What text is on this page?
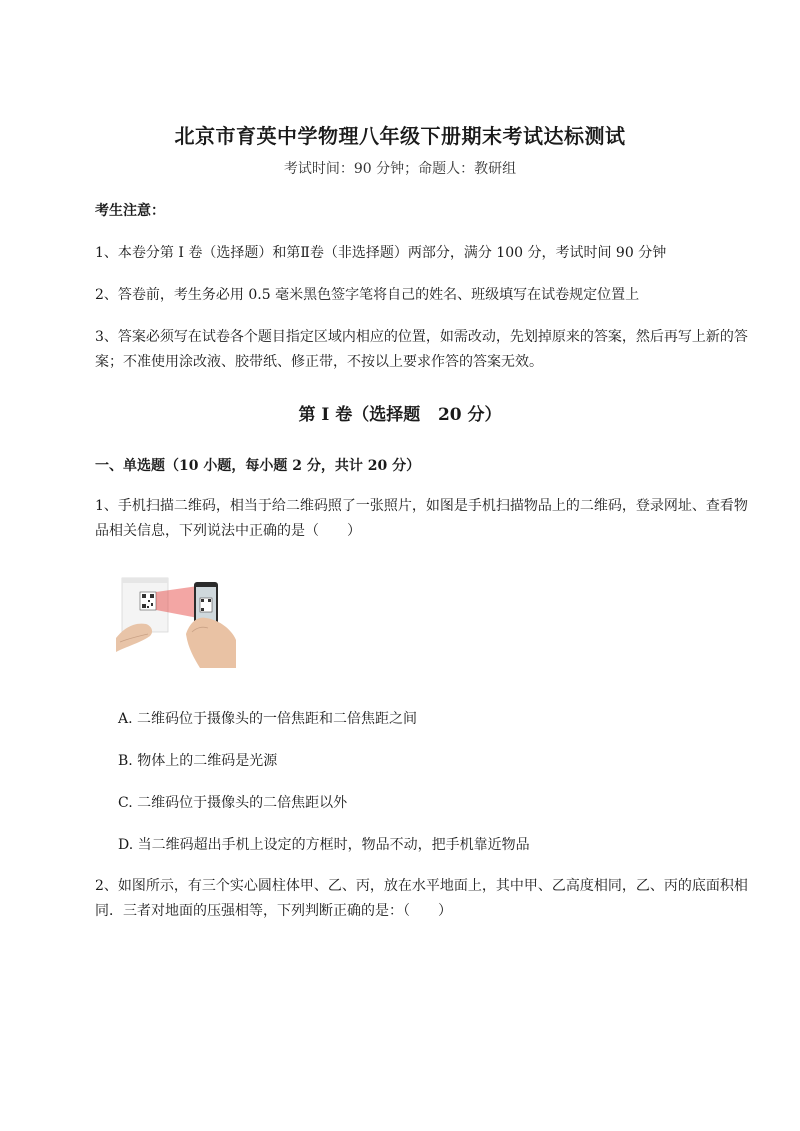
北京市育英中学物理八年级下册期末考试达标测试
考试时间：90 分钟；命题人：教研组
考生注意：
1、本卷分第 I 卷（选择题）和第Ⅱ卷（非选择题）两部分，满分 100 分，考试时间 90 分钟
2、答卷前，考生务必用 0.5 毫米黑色签字笔将自己的姓名、班级填写在试卷规定位置上
3、答案必须写在试卷各个题目指定区域内相应的位置，如需改动，先划掉原来的答案，然后再写上新的答案；不准使用涂改液、胶带纸、修正带，不按以上要求作答的答案无效。
第 I 卷（选择题   20 分）
一、单选题（10 小题，每小题 2 分，共计 20 分）
1、手机扫描二维码，相当于给二维码照了一张照片，如图是手机扫描物品上的二维码，登录网址、查看物品相关信息，下列说法中正确的是（　　）
A. 二维码位于摄像头的一倍焦距和二倍焦距之间
B. 物体上的二维码是光源
C. 二维码位于摄像头的二倍焦距以外
D. 当二维码超出手机上设定的方框时，物品不动，把手机靠近物品
2、如图所示，有三个实心圆柱体甲、乙、丙，放在水平地面上，其中甲、乙高度相同，乙、丙的底面积相同．三者对地面的压强相等，下列判断正确的是：（　　）
